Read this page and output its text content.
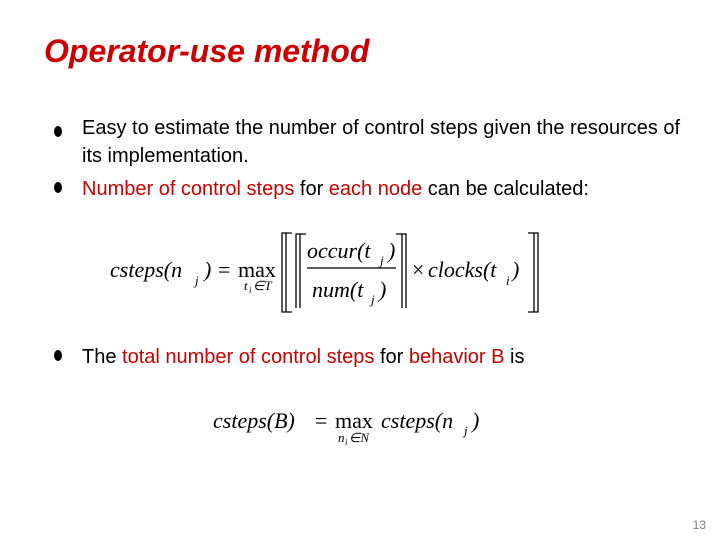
Operator-use method
Easy to estimate the number of control steps given the resources of its implementation.
Number of control steps for each node can be calculated:
csteps(n j ) = max
t i ∈T
occur(t j )
num(t j )
× clocks(t i )
The total number of control steps for behavior B is
csteps(B) = max
n i ∈N
csteps(n j )
13
